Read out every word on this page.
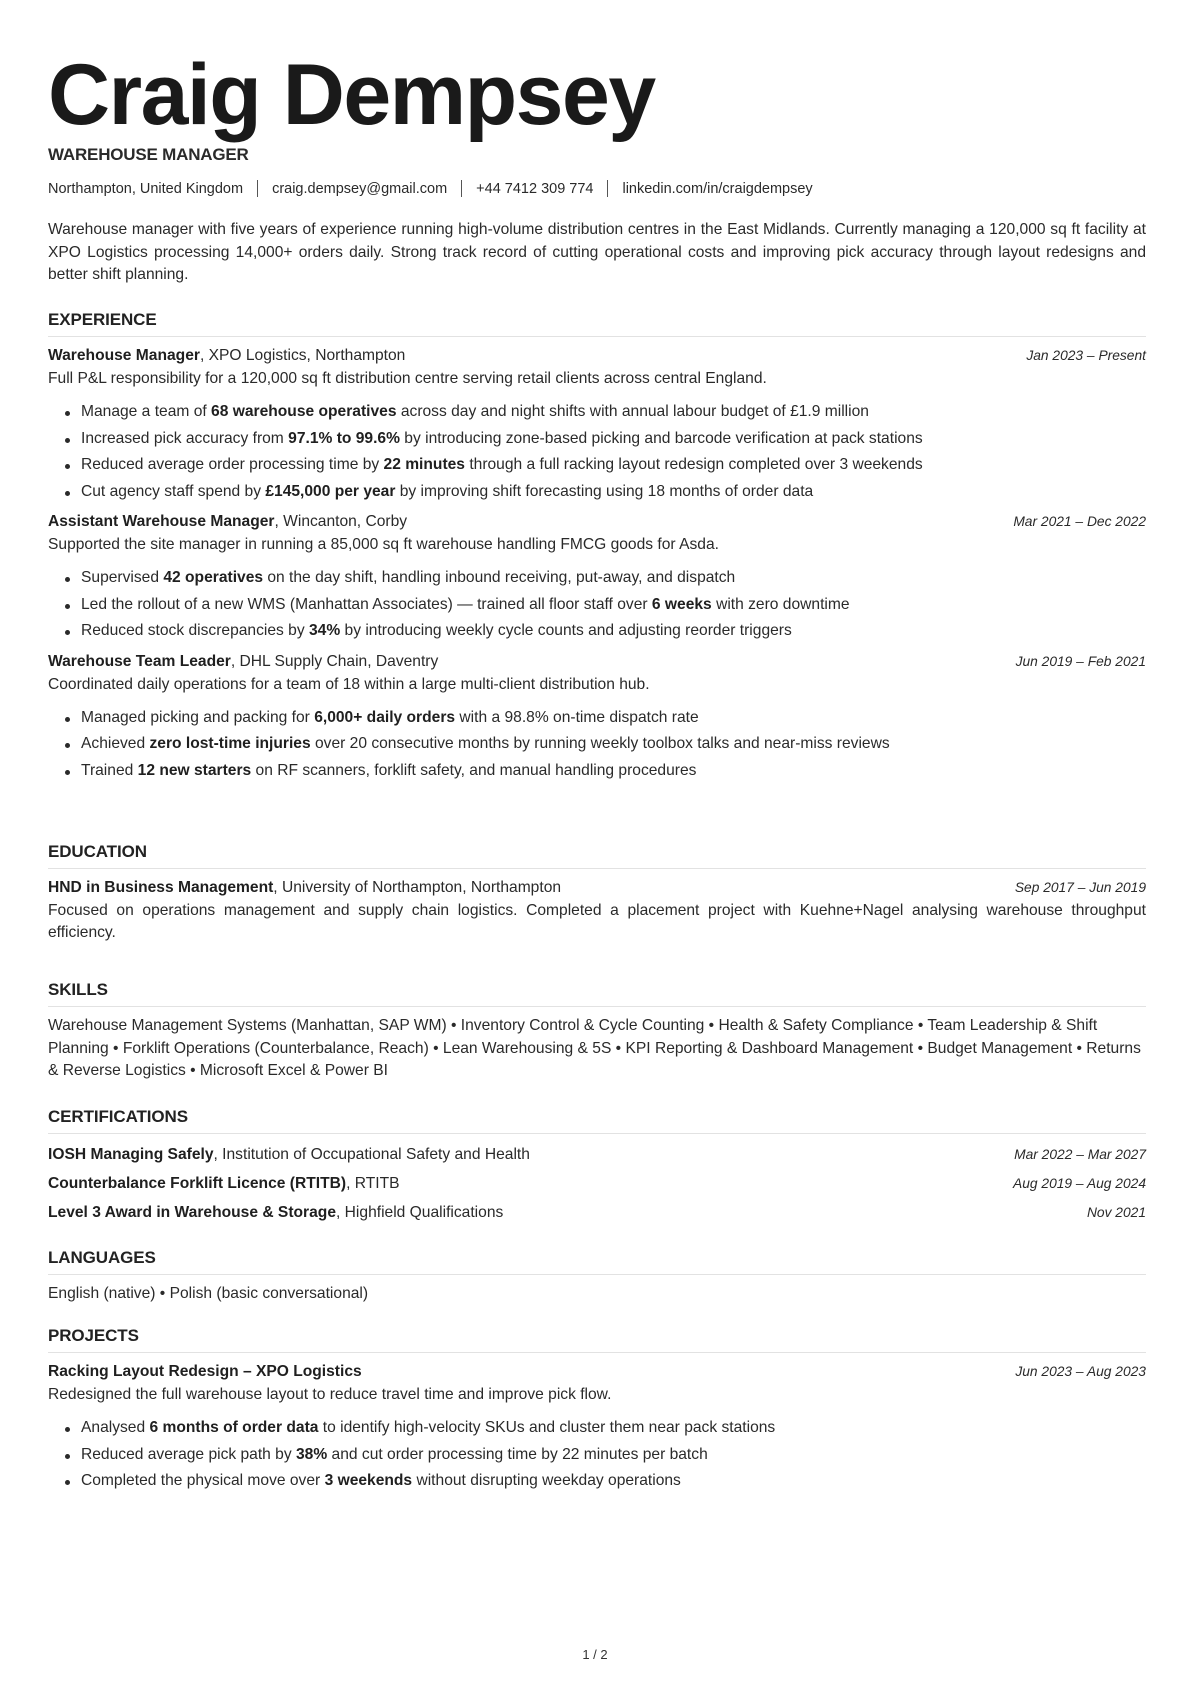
Craig Dempsey
WAREHOUSE MANAGER
Northampton, United Kingdom craig.dempsey@gmail.com +44 7412 309 774 linkedin.com/in/craigdempsey

Warehouse manager with five years of experience running high-volume distribution centres in the East Midlands. Currently managing a 120,000 sq ft facility at XPO Logistics processing 14,000+ orders daily. Strong track record of cutting operational costs and improving pick accuracy through layout redesigns and better shift planning.

EXPERIENCE
Warehouse Manager, XPO Logistics, Northampton	Jan 2023 – Present
Full P&L responsibility for a 120,000 sq ft distribution centre serving retail clients across central England.
Manage a team of 68 warehouse operatives across day and night shifts with annual labour budget of £1.9 million
Increased pick accuracy from 97.1% to 99.6% by introducing zone-based picking and barcode verification at pack stations
Reduced average order processing time by 22 minutes through a full racking layout redesign completed over 3 weekends
Cut agency staff spend by £145,000 per year by improving shift forecasting using 18 months of order data
Assistant Warehouse Manager, Wincanton, Corby	Mar 2021 – Dec 2022
Supported the site manager in running a 85,000 sq ft warehouse handling FMCG goods for Asda.
Supervised 42 operatives on the day shift, handling inbound receiving, put-away, and dispatch
Led the rollout of a new WMS (Manhattan Associates) — trained all floor staff over 6 weeks with zero downtime
Reduced stock discrepancies by 34% by introducing weekly cycle counts and adjusting reorder triggers
Warehouse Team Leader, DHL Supply Chain, Daventry	Jun 2019 – Feb 2021
Coordinated daily operations for a team of 18 within a large multi-client distribution hub.
Managed picking and packing for 6,000+ daily orders with a 98.8% on-time dispatch rate
Achieved zero lost-time injuries over 20 consecutive months by running weekly toolbox talks and near-miss reviews
Trained 12 new starters on RF scanners, forklift safety, and manual handling procedures
EDUCATION
HND in Business Management, University of Northampton, Northampton	Sep 2017 – Jun 2019
Focused on operations management and supply chain logistics. Completed a placement project with Kuehne+Nagel analysing warehouse throughput efficiency.
SKILLS
Warehouse Management Systems (Manhattan, SAP WM) • Inventory Control & Cycle Counting • Health & Safety Compliance • Team Leadership & Shift Planning • Forklift Operations (Counterbalance, Reach) • Lean Warehousing & 5S • KPI Reporting & Dashboard Management • Budget Management • Returns & Reverse Logistics • Microsoft Excel & Power BI
CERTIFICATIONS
IOSH Managing Safely, Institution of Occupational Safety and Health	Mar 2022 – Mar 2027
Counterbalance Forklift Licence (RTITB), RTITB	Aug 2019 – Aug 2024
Level 3 Award in Warehouse & Storage, Highfield Qualifications	Nov 2021
LANGUAGES
English (native) • Polish (basic conversational)
PROJECTS
Racking Layout Redesign – XPO Logistics	Jun 2023 – Aug 2023
Redesigned the full warehouse layout to reduce travel time and improve pick flow.
Analysed 6 months of order data to identify high-velocity SKUs and cluster them near pack stations
Reduced average pick path by 38% and cut order processing time by 22 minutes per batch
Completed the physical move over 3 weekends without disrupting weekday operations
1 / 2
